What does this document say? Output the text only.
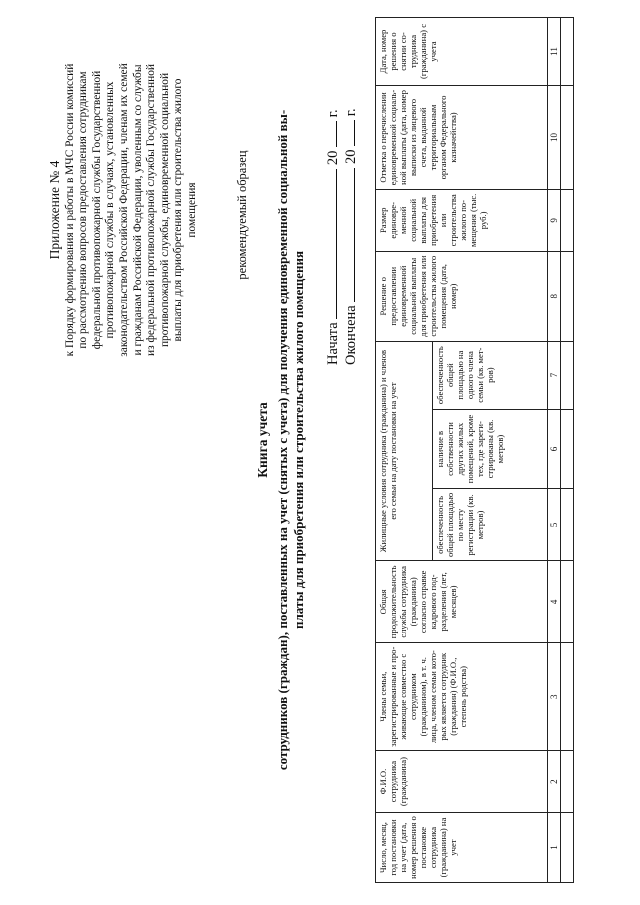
Приложение № 4 к Порядку формирования и работы в МЧС России комиссий по рассмотрению вопросов предоставления сотрудникам федеральной противопожарной службы Государственной противопожарной службы в случаях, установленных законодательством Российской Федерации, членам их семей и гражданам Российской Федерации, уволенным со службы из федеральной противопожарной службы Государственной противопожарной службы, единовременной социальной выплаты для приобретения или строительства жилого помещения	рекомендуемый образец
Книга учета сотрудников (граждан), поставленных на учет (снятых с учета) для получения единовременной социальной вы- платы для приобретения или строительства жилого помещения Начата  20  г.
Окончена  20  г.
Число, месяц, год постановки на учет (дата, номер решения о постановке сотрудника (гражданина) на учет	Ф.И.О. сотрудника (гражданина)	Члены семьи, зарегистрированные и проживающие совместно с сотрудником (гражданином), в т. ч. лица, членом семьи которых является сотрудник (гражданин) (Ф.И.О., степень родства)	Общая продолжительность службы сотрудника (гражданина) согласно справке кадрового подразделения (лет, месяцев)	Жилищные условия сотрудника (гражданина) и членов его семьи на дату постановки на учет			Решение о предоставлении единовременной социальной выплаты для приобретения или строительства жилого помещения (дата, номер)	Размер единовременной социальной выплаты для приобретения или строительства жилого помещения (тыс. руб.)	Отметка о перечислении единовременной социальной выплаты (дата, номер выписки из лицевого счета, выданной территориальным органом Федерального казначейства)	Дата, номер решения о снятии сотрудника (гражданина) с учета
				обеспеченность общей площадью по месту регистрации (кв. метров)	наличие в собственности других жилых помещений, кроме тех, где зарегистрированы (кв. метров)	обеспеченность общей площадью на одного члена семьи (кв. метров)				
1	2	3	4	5	6	7	8	9	10	11
